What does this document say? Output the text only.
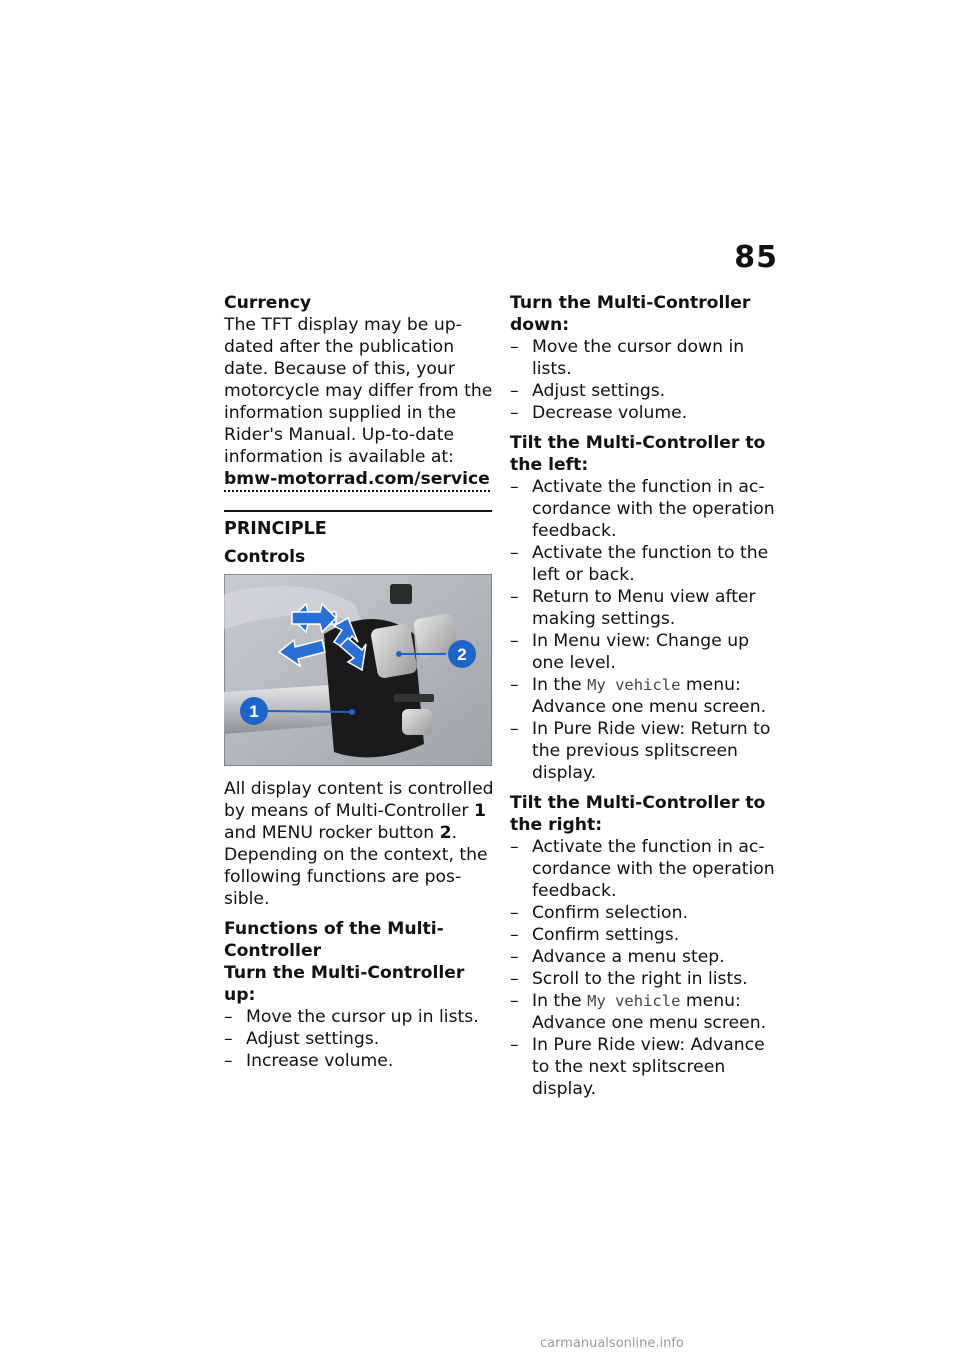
85
Currency

The TFT display may be up-dated after the publication date. Because of this, your motorcycle may differ from the information supplied in the Rider's Manual. Up-to-date information is available at:

bmw-motorrad.com/service
PRINCIPLE
Controls
2
1

All display content is controlled by means of Multi-Controller 1 and MENU rocker button 2. Depending on the context, the following functions are pos-sible.

Functions of the Multi-Controller
Turn the Multi-Controller up:
– Move the cursor up in lists.
– Adjust settings.
– Increase volume.
Turn the Multi-Controller down:
– Move the cursor down in lists.
– Adjust settings.
– Decrease volume.
Tilt the Multi-Controller to the left:
– Activate the function in ac-cordance with the operation feedback.
– Activate the function to the left or back.
– Return to Menu view after making settings.
– In Menu view: Change up one level.
– In the My vehicle menu: Advance one menu screen.
– In Pure Ride view: Return to the previous splitscreen display.
Tilt the Multi-Controller to the right:
– Activate the function in ac-cordance with the operation feedback.
– Confirm selection.
– Confirm settings.
– Advance a menu step.
– Scroll to the right in lists.
– In the My vehicle menu: Advance one menu screen.
– In Pure Ride view: Advance to the next splitscreen display.
carmanualsonline.info
